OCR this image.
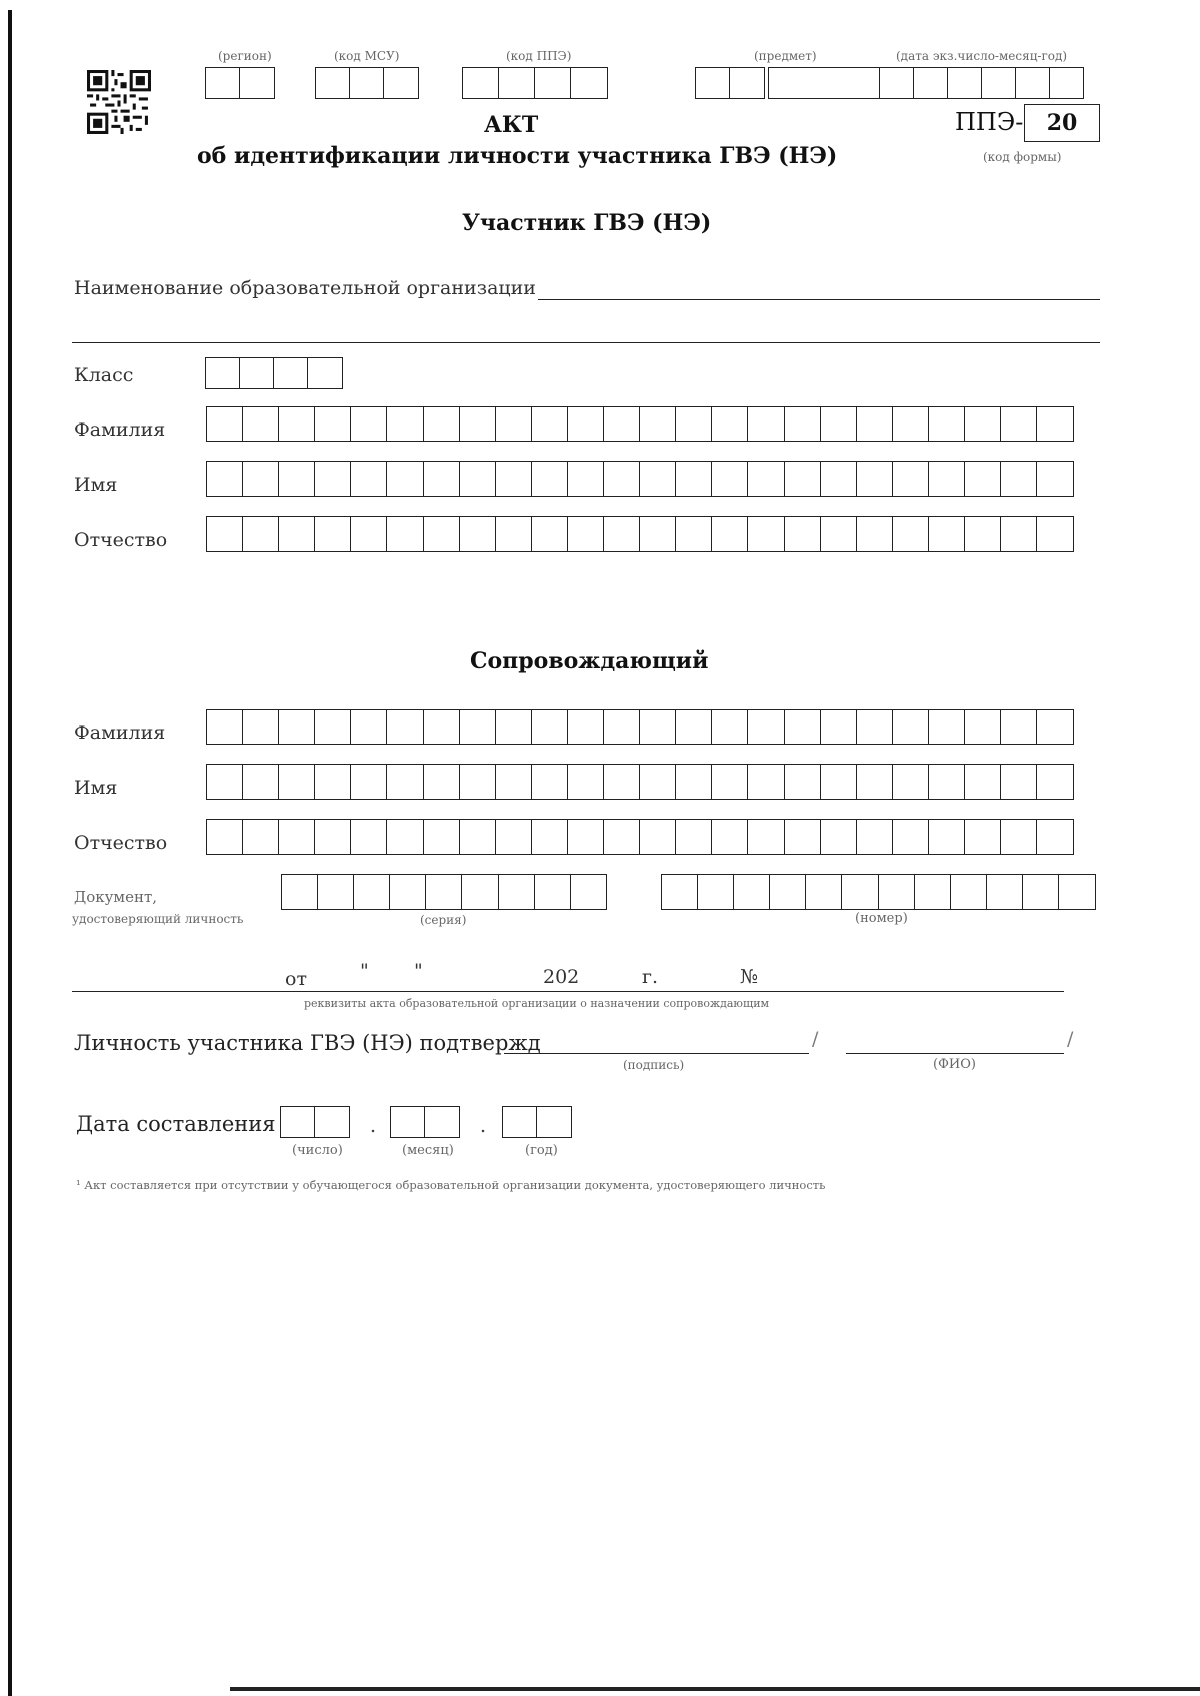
(регион)	(код МСУ)	(код ППЭ)	(предмет)	(дата экз.число-месяц-год)
АКТ
об идентификации личности участника ГВЭ (НЭ)
ППЭ-	20
(код формы)
Участник ГВЭ (НЭ)
Наименование образовательной организации
Класс
Фамилия
Имя
Отчество
Сопровождающий
Фамилия
Имя
Отчество
Документ,
удостоверяющий личность	(серия)	(номер)
от	" "	202	г.	№
реквизиты акта образовательной организации о назначении сопровождающим
Личность участника ГВЭ (НЭ) подтвержд	/
(подпись)
/
(ФИО)
Дата составления	.	.
(число)	(месяц)	(год)
¹ Акт составляется при отсутствии у обучающегося образовательной организации документа, удостоверяющего личность
